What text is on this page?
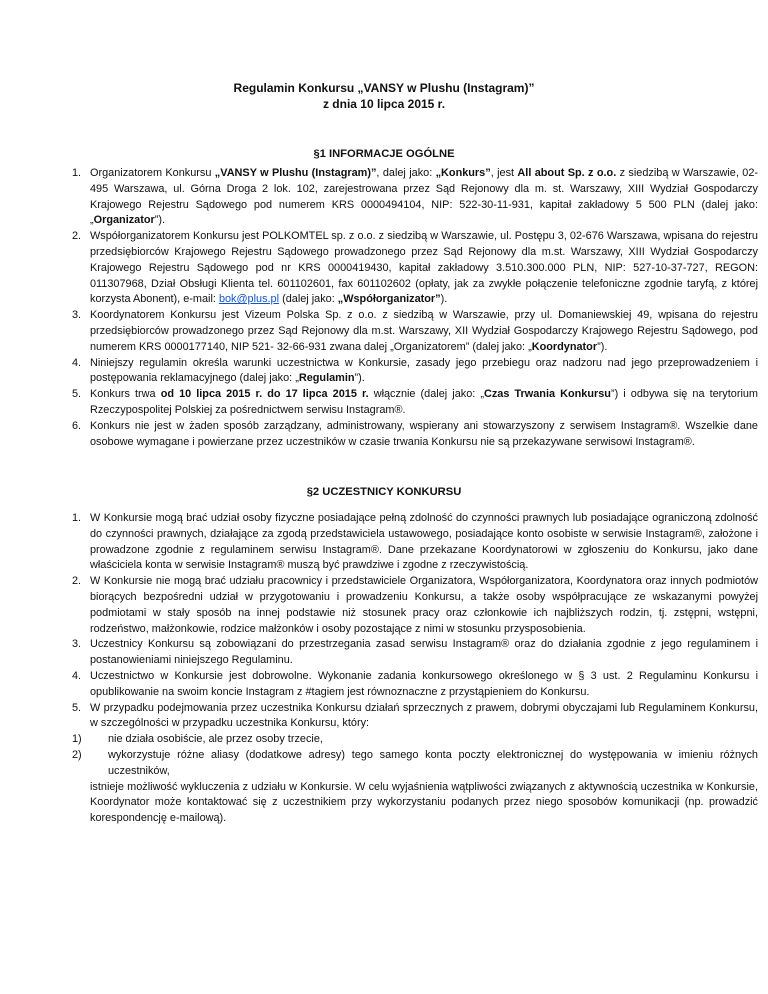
Regulamin Konkursu „VANSY w Plushu (Instagram)”
z dnia 10 lipca 2015 r.
§1 INFORMACJE OGÓLNE
1. Organizatorem Konkursu „VANSY w Plushu (Instagram)”, dalej jako: „Konkurs”, jest All about Sp. z o.o. z siedzibą w Warszawie, 02-495 Warszawa, ul. Górna Droga 2 lok. 102, zarejestrowana przez Sąd Rejonowy dla m. st. Warszawy, XIII Wydział Gospodarczy Krajowego Rejestru Sądowego pod numerem KRS 0000494104, NIP: 522-30-11-931, kapitał zakładowy 5 500 PLN (dalej jako: „Organizator”).
2. Współorganizatorem Konkursu jest POLKOMTEL sp. z o.o. z siedzibą w Warszawie, ul. Postępu 3, 02-676 Warszawa, wpisana do rejestru przedsiębiorców Krajowego Rejestru Sądowego prowadzonego przez Sąd Rejonowy dla m.st. Warszawy, XIII Wydział Gospodarczy Krajowego Rejestru Sądowego pod nr KRS 0000419430, kapitał zakładowy 3.510.300.000 PLN, NIP: 527-10-37-727, REGON: 011307968, Dział Obsługi Klienta tel. 601102601, fax 601102602 (opłaty, jak za zwykłe połączenie telefoniczne zgodnie taryfą, z której korzysta Abonent), e-mail: bok@plus.pl (dalej jako: „Współorganizator”).
3. Koordynatorem Konkursu jest Vizeum Polska Sp. z o.o. z siedzibą w Warszawie, przy ul. Domaniewskiej 49, wpisana do rejestru przedsiębiorców prowadzonego przez Sąd Rejonowy dla m.st. Warszawy, XII Wydział Gospodarczy Krajowego Rejestru Sądowego, pod numerem KRS 0000177140, NIP 521- 32-66-931 zwana dalej „Organizatorem” (dalej jako: „Koordynator”).
4. Niniejszy regulamin określa warunki uczestnictwa w Konkursie, zasady jego przebiegu oraz nadzoru nad jego przeprowadzeniem i postępowania reklamacyjnego (dalej jako: „Regulamin”).
5. Konkurs trwa od 10 lipca 2015 r. do 17 lipca 2015 r. włącznie (dalej jako: „Czas Trwania Konkursu”) i odbywa się na terytorium Rzeczypospolitej Polskiej za pośrednictwem serwisu Instagram®.
6. Konkurs nie jest w żaden sposób zarządzany, administrowany, wspierany ani stowarzyszony z serwisem Instagram®. Wszelkie dane osobowe wymagane i powierzane przez uczestników w czasie trwania Konkursu nie są przekazywane serwisowi Instagram®.
§2 UCZESTNICY KONKURSU
1. W Konkursie mogą brać udział osoby fizyczne posiadające pełną zdolność do czynności prawnych lub posiadające ograniczoną zdolność do czynności prawnych, działające za zgodą przedstawiciela ustawowego, posiadające konto osobiste w serwisie Instagram®, założone i prowadzone zgodnie z regulaminem serwisu Instagram®. Dane przekazane Koordynatorowi w zgłoszeniu do Konkursu, jako dane właściciela konta w serwisie Instagram® muszą być prawdziwe i zgodne z rzeczywistością.
2. W Konkursie nie mogą brać udziału pracownicy i przedstawiciele Organizatora, Współorganizatora, Koordynatora oraz innych podmiotów biorących bezpośredni udział w przygotowaniu i prowadzeniu Konkursu, a także osoby współpracujące ze wskazanymi powyżej podmiotami w stały sposób na innej podstawie niż stosunek pracy oraz członkowie ich najbliższych rodzin, tj. zstępni, wstępni, rodzeństwo, małżonkowie, rodzice małżonków i osoby pozostające z nimi w stosunku przysposobienia.
3. Uczestnicy Konkursu są zobowiązani do przestrzegania zasad serwisu Instagram® oraz do działania zgodnie z jego regulaminem i postanowieniami niniejszego Regulaminu.
4. Uczestnictwo w Konkursie jest dobrowolne. Wykonanie zadania konkursowego określonego w § 3 ust. 2 Regulaminu Konkursu i opublikowanie na swoim koncie Instagram z #tagiem jest równoznaczne z przystąpieniem do Konkursu.
5. W przypadku podejmowania przez uczestnika Konkursu działań sprzecznych z prawem, dobrymi obyczajami lub Regulaminem Konkursu, w szczególności w przypadku uczestnika Konkursu, który:
1) nie działa osobiście, ale przez osoby trzecie,
2) wykorzystuje różne aliasy (dodatkowe adresy) tego samego konta poczty elektronicznej do występowania w imieniu różnych uczestników,
istnieje możliwość wykluczenia z udziału w Konkursie. W celu wyjaśnienia wątpliwości związanych z aktywnością uczestnika w Konkursie, Koordynator może kontaktować się z uczestnikiem przy wykorzystaniu podanych przez niego sposobów komunikacji (np. prowadzić korespondencję e-mailową).
